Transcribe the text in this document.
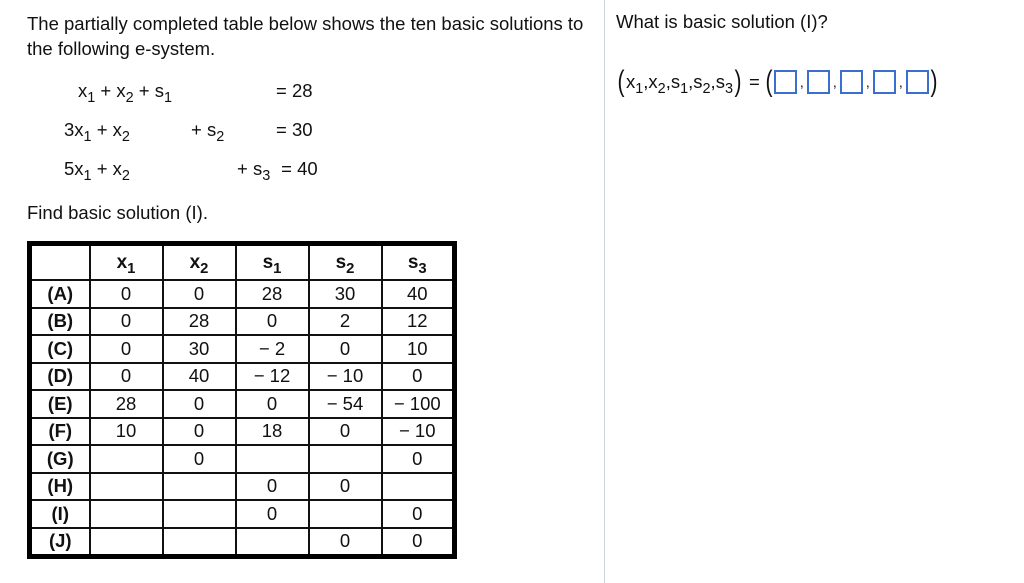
The partially completed table below shows the ten basic solutions to the following e-system.
$x_1 + x_2 + s_1$	= 28
$3x_1 + x_2$	+ $s_2$	= 30
$5x_1 + x_2$	+ $s_3 = 40$
Find basic solution (I).
	$x_1$	$x_2$	$s_1$	$s_2$	$s_3$
(A)	0	0	28	30	40
(B)	0	28	0	2	12
(C)	0	30	− 2	0	10
(D)	0	40	− 12	− 10	0
(E)	28	0	0	− 54	− 100
(F)	10	0	18	0	− 10
(G)		0			0
(H)			0	0	
(I)			0		0
(J)				0	0
What is basic solution (I)?
( $x_1,x_2,s_1,s_2,s_3$ ) = ( , , , , )
